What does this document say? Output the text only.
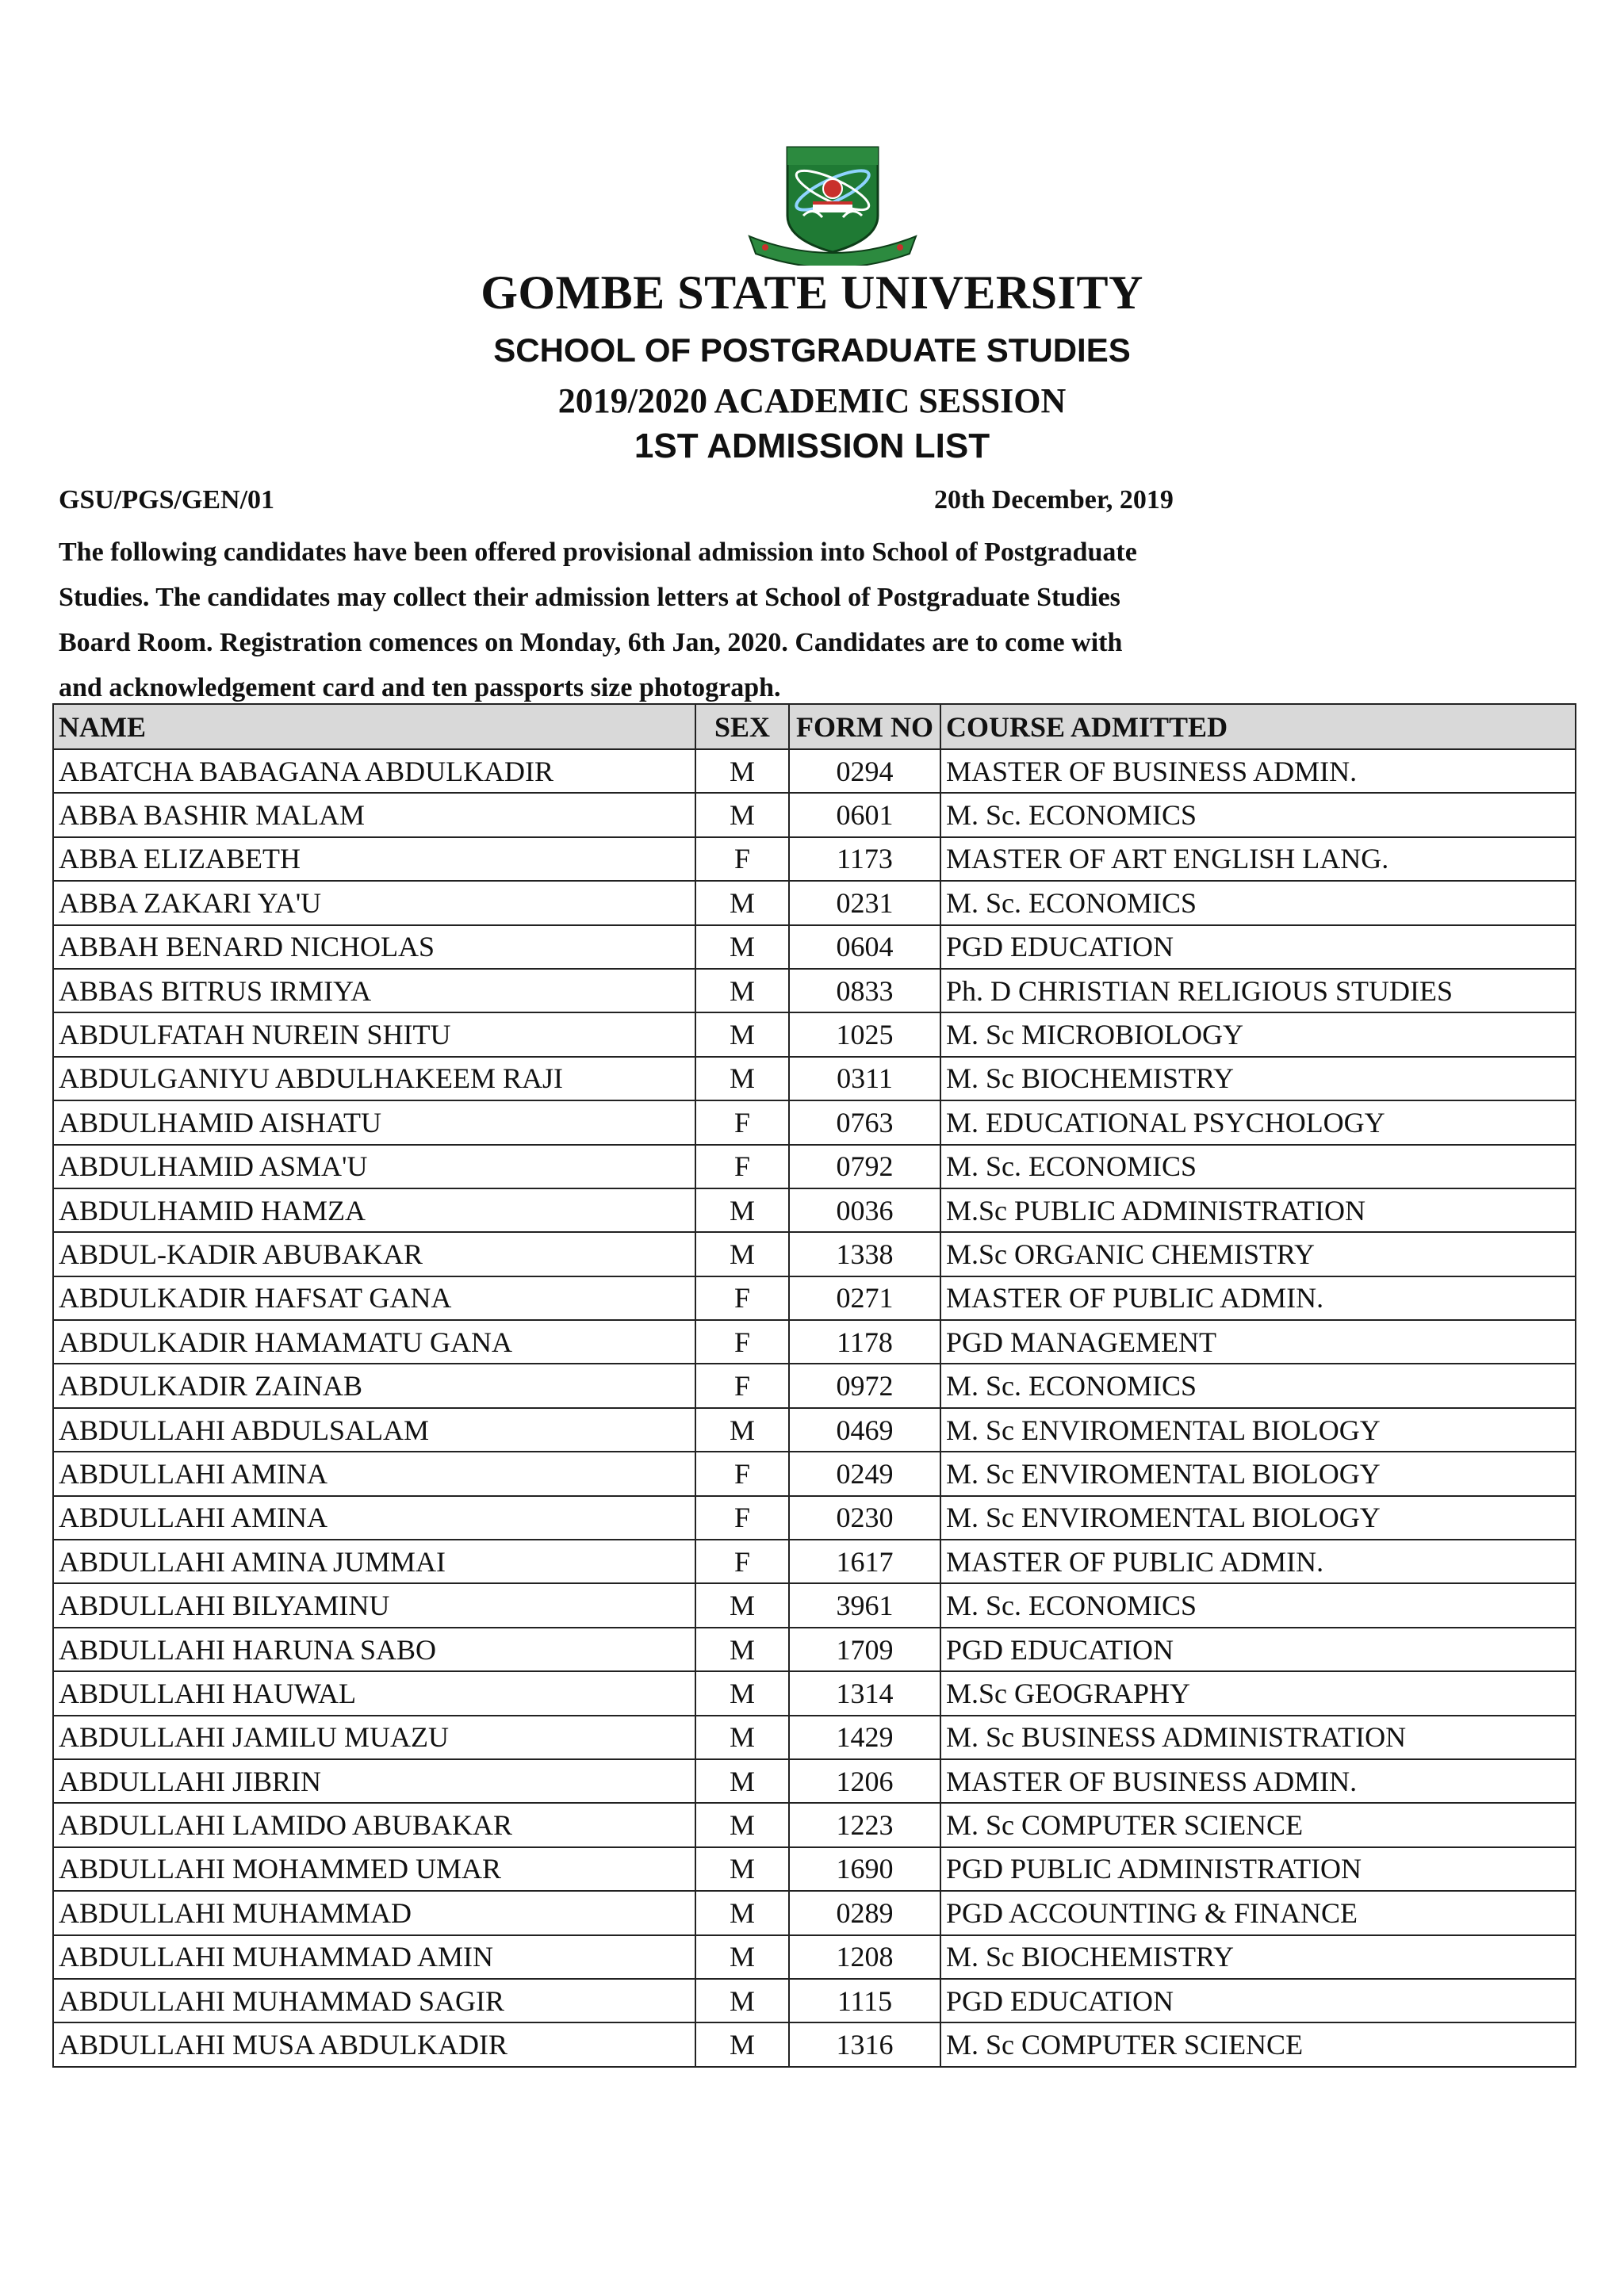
GOMBE STATE UNIVERSITY
SCHOOL OF POSTGRADUATE STUDIES
2019/2020 ACADEMIC SESSION
1ST ADMISSION LIST
GSU/PGS/GEN/01	20th December, 2019
The following candidates have been offered provisional admission into School of Postgraduate
Studies. The candidates may collect their admission letters at School of Postgraduate Studies
Board Room. Registration comences on Monday, 6th Jan, 2020. Candidates are to come with
and acknowledgement card and ten passports size photograph.
NAME	SEX	FORM NO	COURSE ADMITTED
ABATCHA BABAGANA ABDULKADIR	M	0294	MASTER OF BUSINESS ADMIN.
ABBA BASHIR MALAM	M	0601	M. Sc. ECONOMICS
ABBA ELIZABETH	F	1173	MASTER OF ART ENGLISH LANG.
ABBA ZAKARI YA'U	M	0231	M. Sc. ECONOMICS
ABBAH BENARD NICHOLAS	M	0604	PGD EDUCATION
ABBAS BITRUS IRMIYA	M	0833	Ph. D CHRISTIAN RELIGIOUS STUDIES
ABDULFATAH NUREIN SHITU	M	1025	M. Sc MICROBIOLOGY
ABDULGANIYU ABDULHAKEEM RAJI	M	0311	M. Sc BIOCHEMISTRY
ABDULHAMID AISHATU	F	0763	M. EDUCATIONAL PSYCHOLOGY
ABDULHAMID ASMA'U	F	0792	M. Sc. ECONOMICS
ABDULHAMID HAMZA	M	0036	M.Sc PUBLIC ADMINISTRATION
ABDUL-KADIR ABUBAKAR	M	1338	M.Sc ORGANIC CHEMISTRY
ABDULKADIR HAFSAT GANA	F	0271	MASTER OF PUBLIC ADMIN.
ABDULKADIR HAMAMATU GANA	F	1178	PGD MANAGEMENT
ABDULKADIR ZAINAB	F	0972	M. Sc. ECONOMICS
ABDULLAHI ABDULSALAM	M	0469	M. Sc ENVIROMENTAL BIOLOGY
ABDULLAHI AMINA	F	0249	M. Sc ENVIROMENTAL BIOLOGY
ABDULLAHI AMINA	F	0230	M. Sc ENVIROMENTAL BIOLOGY
ABDULLAHI AMINA JUMMAI	F	1617	MASTER OF PUBLIC ADMIN.
ABDULLAHI BILYAMINU	M	3961	M. Sc. ECONOMICS
ABDULLAHI HARUNA SABO	M	1709	PGD EDUCATION
ABDULLAHI HAUWAL	M	1314	M.Sc GEOGRAPHY
ABDULLAHI JAMILU MUAZU	M	1429	M. Sc BUSINESS ADMINISTRATION
ABDULLAHI JIBRIN	M	1206	MASTER OF BUSINESS ADMIN.
ABDULLAHI LAMIDO ABUBAKAR	M	1223	M. Sc COMPUTER SCIENCE
ABDULLAHI MOHAMMED UMAR	M	1690	PGD PUBLIC ADMINISTRATION
ABDULLAHI MUHAMMAD	M	0289	PGD ACCOUNTING & FINANCE
ABDULLAHI MUHAMMAD AMIN	M	1208	M. Sc BIOCHEMISTRY
ABDULLAHI MUHAMMAD SAGIR	M	1115	PGD EDUCATION
ABDULLAHI MUSA ABDULKADIR	M	1316	M. Sc COMPUTER SCIENCE
